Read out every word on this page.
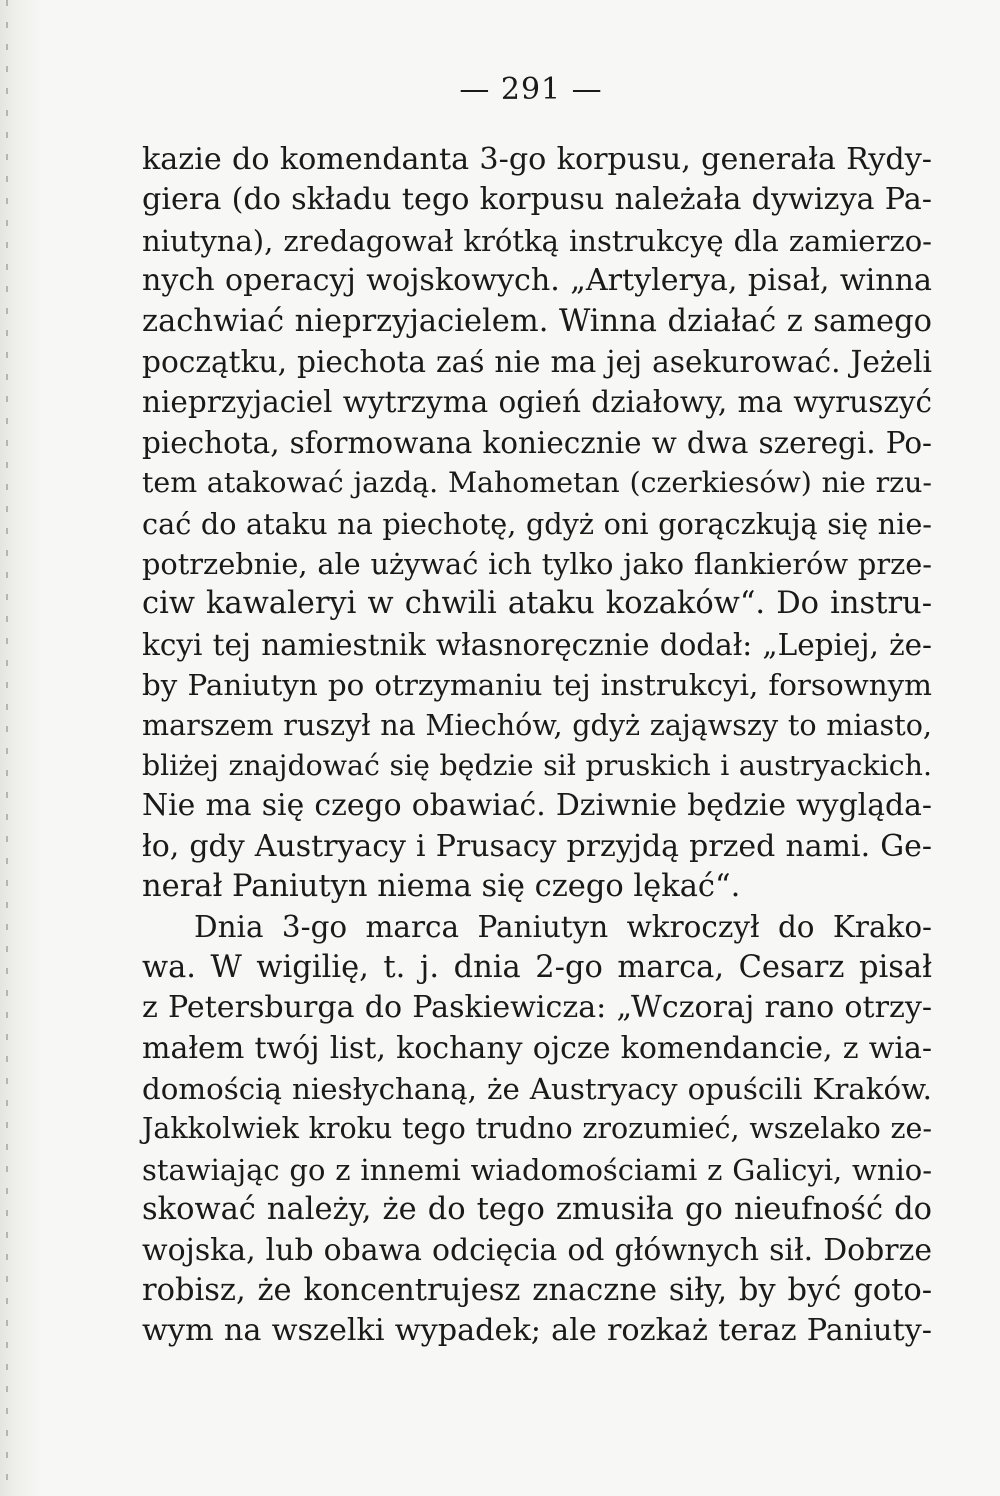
— 291 —
kazie do komendanta 3-go korpusu, generała Rydy-
giera (do składu tego korpusu należała dywizya Pa-
niutyna), zredagował krótką instrukcyę dla zamierzo-
nych operacyj wojskowych. „Artylerya, pisał, winna
zachwiać nieprzyjacielem. Winna działać z samego
początku, piechota zaś nie ma jej asekurować. Jeżeli
nieprzyjaciel wytrzyma ogień działowy, ma wyruszyć
piechota, sformowana koniecznie w dwa szeregi. Po-
tem atakować jazdą. Mahometan (czerkiesów) nie rzu-
cać do ataku na piechotę, gdyż oni gorączkują się nie-
potrzebnie, ale używać ich tylko jako flankierów prze-
ciw kawaleryi w chwili ataku kozaków“. Do instru-
kcyi tej namiestnik własnoręcznie dodał: „Lepiej, że-
by Paniutyn po otrzymaniu tej instrukcyi, forsownym
marszem ruszył na Miechów, gdyż zająwszy to miasto,
bliżej znajdować się będzie sił pruskich i austryackich.
Nie ma się czego obawiać. Dziwnie będzie wygląda-
ło, gdy Austryacy i Prusacy przyjdą przed nami. Ge-
nerał Paniutyn niema się czego lękać“.
Dnia 3-go marca Paniutyn wkroczył do Krako-
wa. W wigilię, t. j. dnia 2-go marca, Cesarz pisał
z Petersburga do Paskiewicza: „Wczoraj rano otrzy-
małem twój list, kochany ojcze komendancie, z wia-
domością niesłychaną, że Austryacy opuścili Kraków.
Jakkolwiek kroku tego trudno zrozumieć, wszelako ze-
stawiając go z innemi wiadomościami z Galicyi, wnio-
skować należy, że do tego zmusiła go nieufność do
wojska, lub obawa odcięcia od głównych sił. Dobrze
robisz, że koncentrujesz znaczne siły, by być goto-
wym na wszelki wypadek; ale rozkaż teraz Paniuty-
